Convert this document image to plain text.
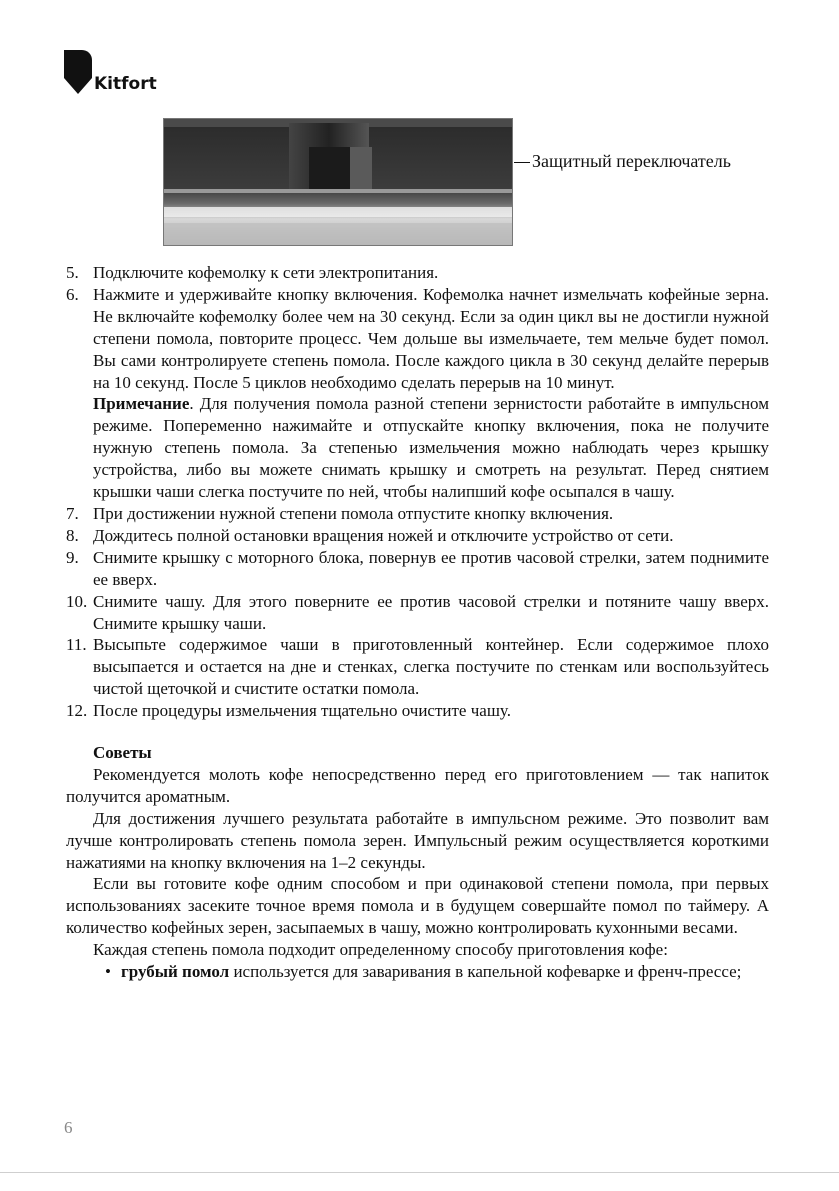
Kitfort
Защитный переключатель
5. Подключите кофемолку к сети электропитания.
6. Нажмите и удерживайте кнопку включения. Кофемолка начнет измельчать кофейные зерна. Не включайте кофемолку более чем на 30 секунд. Если за один цикл вы не достигли нужной степени помола, повторите процесс. Чем дольше вы измельчаете, тем мельче будет помол. Вы сами контролируете степень помола. После каждого цикла в 30 секунд делайте перерыв на 10 секунд. После 5 циклов необходимо сделать перерыв на 10 минут.

Примечание. Для получения помола разной степени зернистости работайте в импульсном режиме. Попеременно нажимайте и отпускайте кнопку включения, пока не получите нужную степень помола. За степенью измельчения можно наблюдать через крышку устройства, либо вы можете снимать крышку и смотреть на результат. Перед снятием крышки чаши слегка постучите по ней, чтобы налипший кофе осыпался в чашу.

7. При достижении нужной степени помола отпустите кнопку включения.
8. Дождитесь полной остановки вращения ножей и отключите устройство от сети.
9. Снимите крышку с моторного блока, повернув ее против часовой стрелки, затем поднимите ее вверх.
10. Снимите чашу. Для этого поверните ее против часовой стрелки и потяните чашу вверх. Снимите крышку чаши.
11. Высыпьте содержимое чаши в приготовленный контейнер. Если содержимое плохо высыпается и остается на дне и стенках, слегка постучите по стенкам или воспользуйтесь чистой щеточкой и счистите остатки помола.
12. После процедуры измельчения тщательно очистите чашу.
Советы

Рекомендуется молоть кофе непосредственно перед его приготовлением — так напиток получится ароматным.

Для достижения лучшего результата работайте в импульсном режиме. Это позволит вам лучше контролировать степень помола зерен. Импульсный режим осуществляется короткими нажатиями на кнопку включения на 1–2 секунды.

Если вы готовите кофе одним способом и при одинаковой степени помола, при первых использованиях засеките точное время помола и в будущем совершайте помол по таймеру. А количество кофейных зерен, засыпаемых в чашу, можно контролировать кухонными весами.

Каждая степень помола подходит определенному способу приготовления кофе:

• грубый помол используется для заваривания в капельной кофеварке и френч-прессе;
6
